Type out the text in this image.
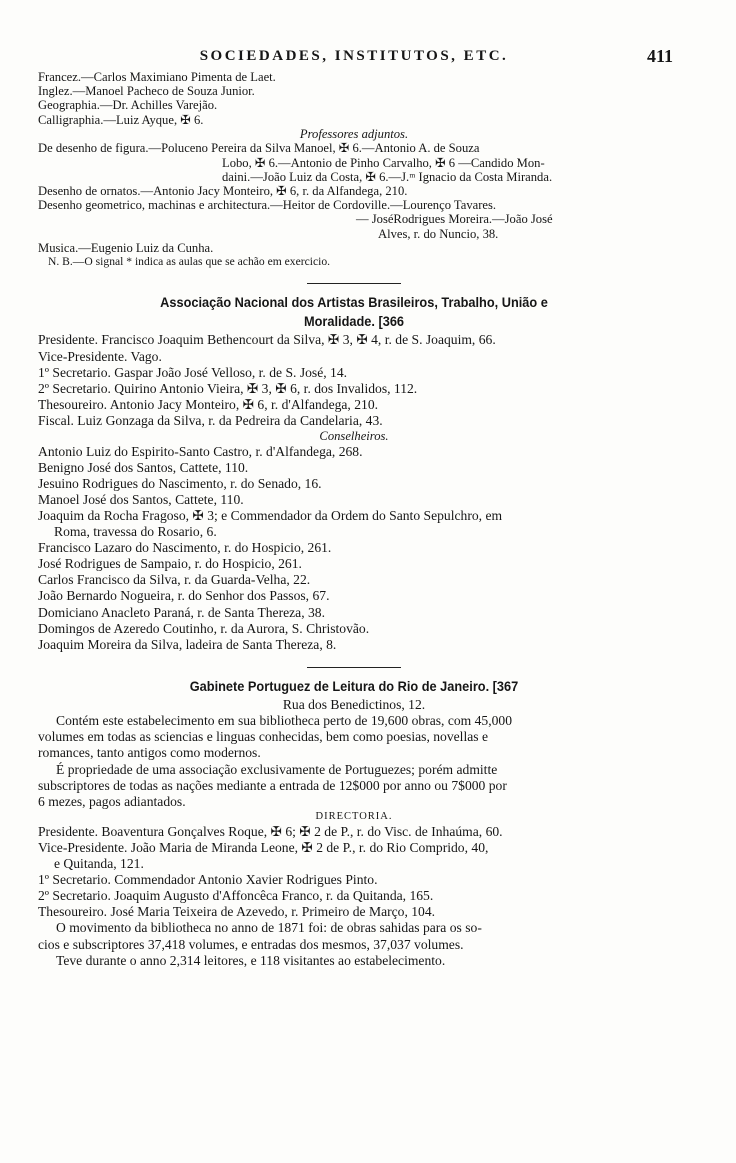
SOCIEDADES, INSTITUTOS, ETC.	411
Francez.—Carlos Maximiano Pimenta de Laet.
Inglez.—Manoel Pacheco de Souza Junior.
Geographia.—Dr. Achilles Varejão.
Calligraphia.—Luiz Ayque, ✠ 6.
Professores adjuntos.
De desenho de figura.—Poluceno Pereira da Silva Manoel, ✠ 6.—Antonio A. de Souza
Lobo, ✠ 6.—Antonio de Pinho Carvalho, ✠ 6 —Candido Mon-
daini.—João Luiz da Costa, ✠ 6.—J.ᵐ Ignacio da Costa Miranda.
Desenho de ornatos.—Antonio Jacy Monteiro, ✠ 6, r. da Alfandega, 210.
Desenho geometrico, machinas e architectura.—Heitor de Cordoville.—Lourenço Tavares.
— JoséRodrigues Moreira.—João José
Alves, r. do Nuncio, 38.
Musica.—Eugenio Luiz da Cunha.
N. B.—O signal * indica as aulas que se achão em exercicio.
Associação Nacional dos Artistas Brasileiros, Trabalho, União e
Moralidade. [366
Presidente. Francisco Joaquim Bethencourt da Silva, ✠ 3, ✠ 4, r. de S. Joaquim, 66.
Vice-Presidente. Vago.
1º Secretario. Gaspar João José Velloso, r. de S. José, 14.
2º Secretario. Quirino Antonio Vieira, ✠ 3, ✠ 6, r. dos Invalidos, 112.
Thesoureiro. Antonio Jacy Monteiro, ✠ 6, r. d'Alfandega, 210.
Fiscal. Luiz Gonzaga da Silva, r. da Pedreira da Candelaria, 43.
Conselheiros.
Antonio Luiz do Espirito-Santo Castro, r. d'Alfandega, 268.
Benigno José dos Santos, Cattete, 110.
Jesuino Rodrigues do Nascimento, r. do Senado, 16.
Manoel José dos Santos, Cattete, 110.
Joaquim da Rocha Fragoso, ✠ 3; e Commendador da Ordem do Santo Sepulchro, em
Roma, travessa do Rosario, 6.
Francisco Lazaro do Nascimento, r. do Hospicio, 261.
José Rodrigues de Sampaio, r. do Hospicio, 261.
Carlos Francisco da Silva, r. da Guarda-Velha, 22.
João Bernardo Nogueira, r. do Senhor dos Passos, 67.
Domiciano Anacleto Paraná, r. de Santa Thereza, 38.
Domingos de Azeredo Coutinho, r. da Aurora, S. Christovão.
Joaquim Moreira da Silva, ladeira de Santa Thereza, 8.
Gabinete Portuguez de Leitura do Rio de Janeiro. [367
Rua dos Benedictinos, 12.
Contém este estabelecimento em sua bibliotheca perto de 19,600 obras, com 45,000
volumes em todas as sciencias e linguas conhecidas, bem como poesias, novellas e
romances, tanto antigos como modernos.
É propriedade de uma associação exclusivamente de Portuguezes; porém admitte
subscriptores de todas as nações mediante a entrada de 12$000 por anno ou 7$000 por
6 mezes, pagos adiantados.
DIRECTORIA.
Presidente. Boaventura Gonçalves Roque, ✠ 6; ✠ 2 de P., r. do Visc. de Inhaúma, 60.
Vice-Presidente. João Maria de Miranda Leone, ✠ 2 de P., r. do Rio Comprido, 40,
e Quitanda, 121.
1º Secretario. Commendador Antonio Xavier Rodrigues Pinto.
2º Secretario. Joaquim Augusto d'Affoncêca Franco, r. da Quitanda, 165.
Thesoureiro. José Maria Teixeira de Azevedo, r. Primeiro de Março, 104.
O movimento da bibliotheca no anno de 1871 foi: de obras sahidas para os so-
cios e subscriptores 37,418 volumes, e entradas dos mesmos, 37,037 volumes.
Teve durante o anno 2,314 leitores, e 118 visitantes ao estabelecimento.
